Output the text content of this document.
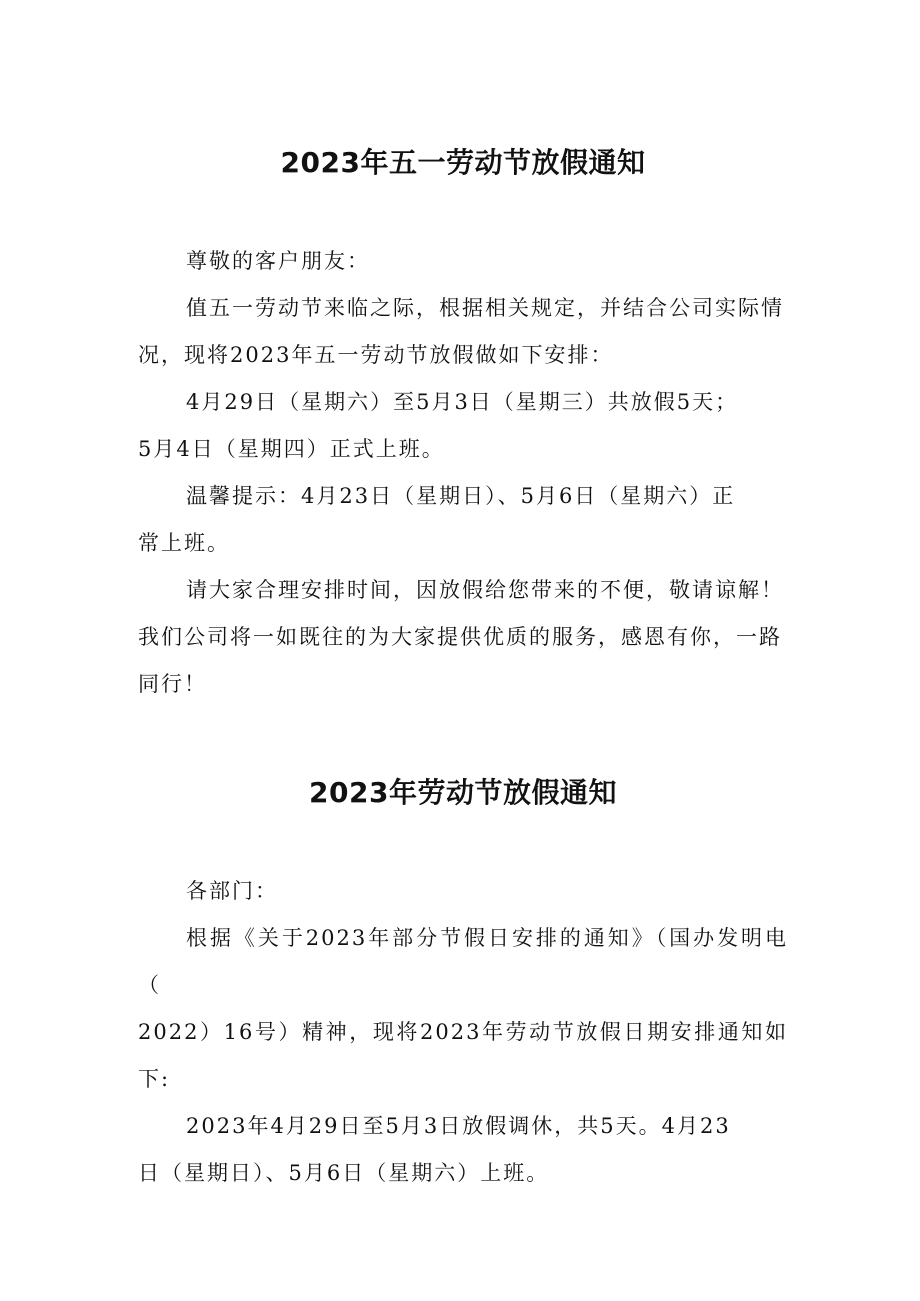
2023年五一劳动节放假通知

尊敬的客户朋友：

值五一劳动节来临之际，根据相关规定，并结合公司实际情

况，现将2023年五一劳动节放假做如下安排：

4月29日（星期六）至5月3日（星期三）共放假5天；

5月4日（星期四）正式上班。

温馨提示：4月23日（星期日）、5月6日（星期六）正

常上班。

请大家合理安排时间，因放假给您带来的不便，敬请谅解！

我们公司将一如既往的为大家提供优质的服务，感恩有你，一路

同行！

2023年劳动节放假通知

各部门：

根据《关于2023年部分节假日安排的通知》（国办发明电（

2022）16号）精神，现将2023年劳动节放假日期安排通知如下:

2023年4月29日至5月3日放假调休，共5天。4月23

日（星期日）、5月6日（星期六）上班。
